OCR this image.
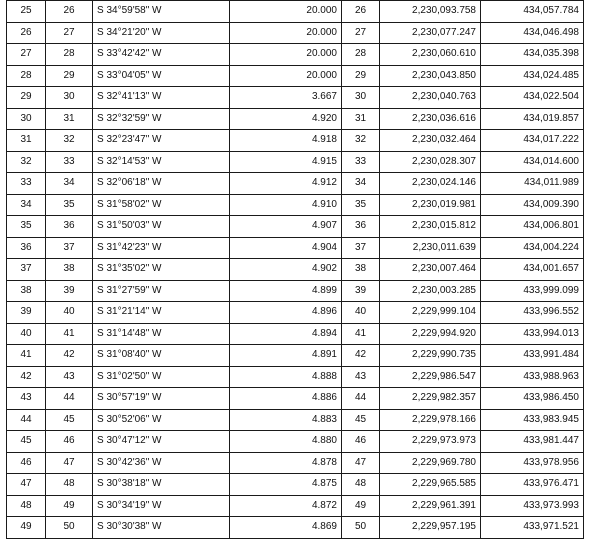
25	26	S 34°59'58" W	20.000	26	2,230,093.758	434,057.784
26	27	S 34°21'20" W	20.000	27	2,230,077.247	434,046.498
27	28	S 33°42'42" W	20.000	28	2,230,060.610	434,035.398
28	29	S 33°04'05" W	20.000	29	2,230,043.850	434,024.485
29	30	S 32°41'13" W	3.667	30	2,230,040.763	434,022.504
30	31	S 32°32'59" W	4.920	31	2,230,036.616	434,019.857
31	32	S 32°23'47" W	4.918	32	2,230,032.464	434,017.222
32	33	S 32°14'53" W	4.915	33	2,230,028.307	434,014.600
33	34	S 32°06'18" W	4.912	34	2,230,024.146	434,011.989
34	35	S 31°58'02" W	4.910	35	2,230,019.981	434,009.390
35	36	S 31°50'03" W	4.907	36	2,230,015.812	434,006.801
36	37	S 31°42'23" W	4.904	37	2,230,011.639	434,004.224
37	38	S 31°35'02" W	4.902	38	2,230,007.464	434,001.657
38	39	S 31°27'59" W	4.899	39	2,230,003.285	433,999.099
39	40	S 31°21'14" W	4.896	40	2,229,999.104	433,996.552
40	41	S 31°14'48" W	4.894	41	2,229,994.920	433,994.013
41	42	S 31°08'40" W	4.891	42	2,229,990.735	433,991.484
42	43	S 31°02'50" W	4.888	43	2,229,986.547	433,988.963
43	44	S 30°57'19" W	4.886	44	2,229,982.357	433,986.450
44	45	S 30°52'06" W	4.883	45	2,229,978.166	433,983.945
45	46	S 30°47'12" W	4.880	46	2,229,973.973	433,981.447
46	47	S 30°42'36" W	4.878	47	2,229,969.780	433,978.956
47	48	S 30°38'18" W	4.875	48	2,229,965.585	433,976.471
48	49	S 30°34'19" W	4.872	49	2,229,961.391	433,973.993
49	50	S 30°30'38" W	4.869	50	2,229,957.195	433,971.521
